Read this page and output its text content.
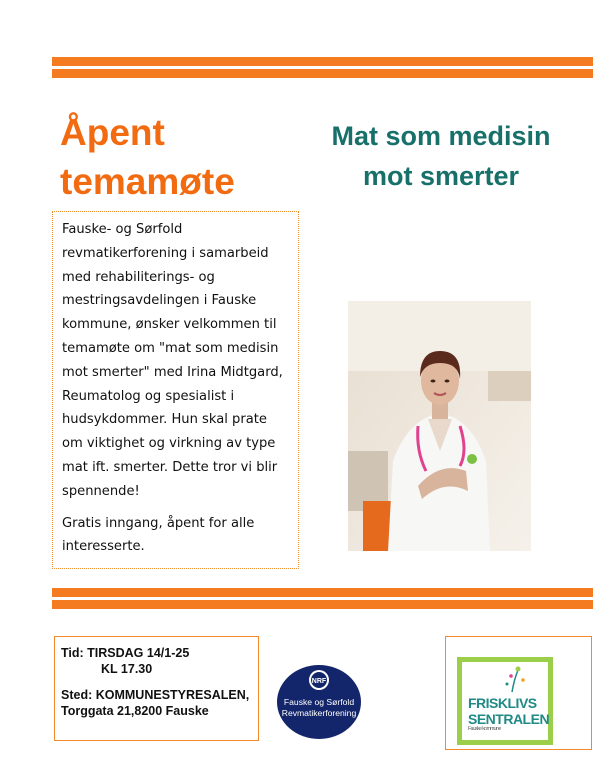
Åpent temamøte
Mat som medisin mot smerter

Fauske- og Sørfold revmatikerforening i samarbeid med rehabiliterings- og mestringsavdelingen i Fauske kommune, ønsker velkommen til temamøte om "mat som medisin mot smerter" med Irina Midtgard, Reumatolog og spesialist i hudsykdommer. Hun skal prate om viktighet og virkning av type mat ift. smerter. Dette tror vi blir spennende!

Gratis inngang, åpent for alle interesserte.

Tid: TIRSDAG 14/1-25
KL 17.30
Sted: KOMMUNESTYRESALEN,
Torggata 21,8200 Fauske
NRF
Fauske og Sørfold
Revmatikerforening
FRISKLIVS
SENTRALEN
Fauske kommune
